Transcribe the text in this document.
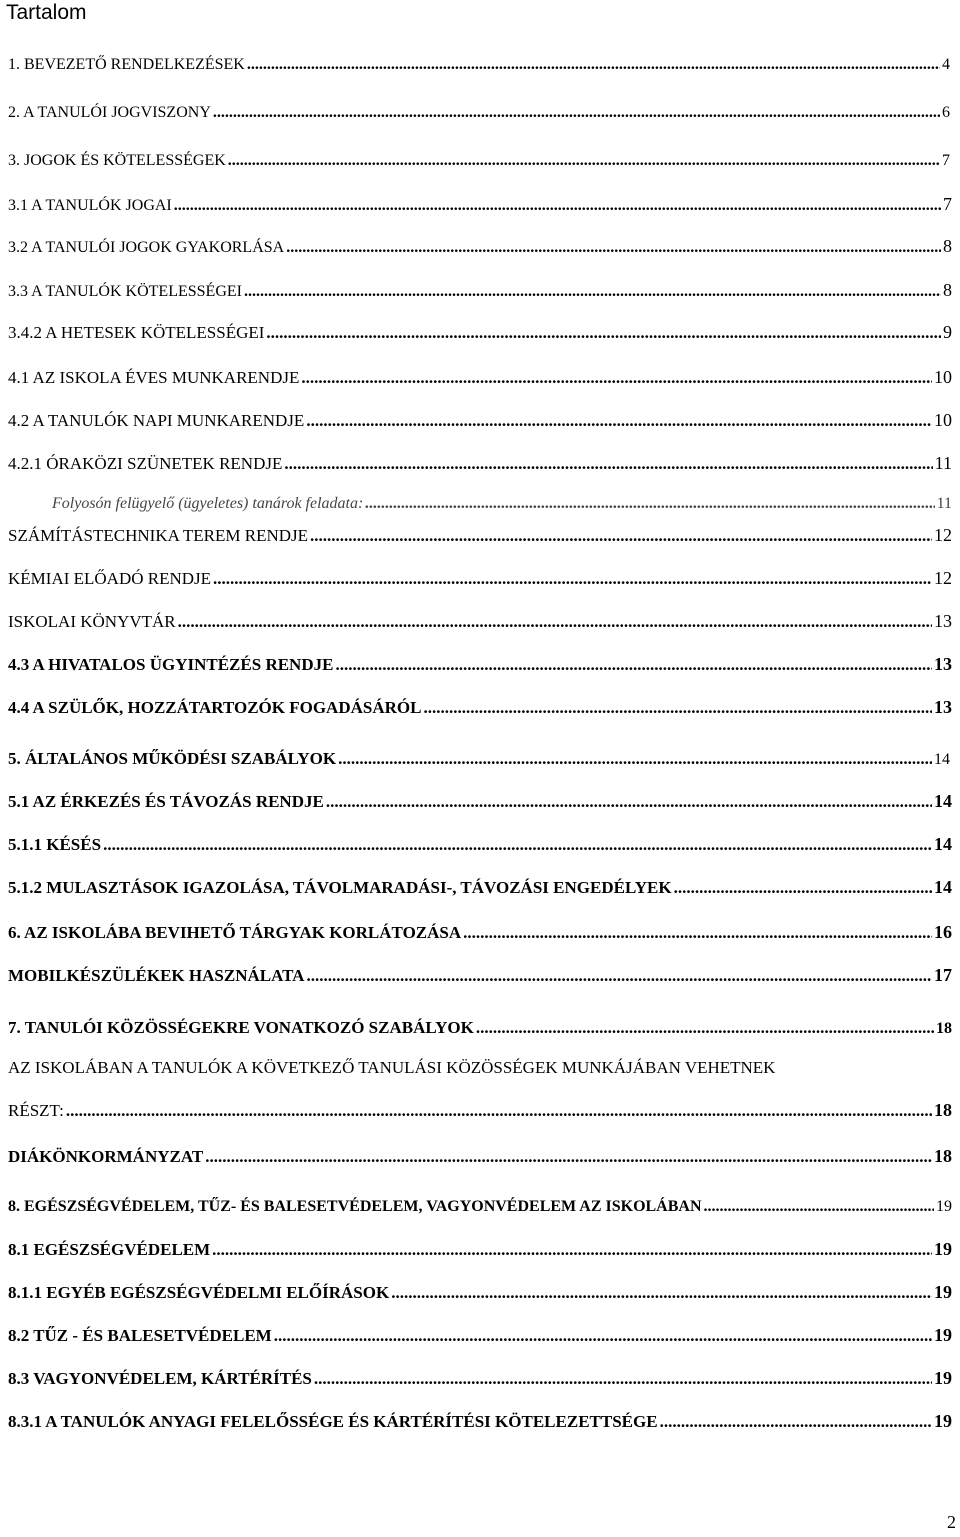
Tartalom
1. BEVEZETŐ RENDELKEZÉSEK .....	4
2. A TANULÓI JOGVISZONY .....	6
3. JOGOK ÉS KÖTELESSÉGEK .....	7
3.1 A TANULÓK JOGAI .....	7
3.2 A TANULÓI JOGOK GYAKORLÁSA .....	8
3.3 A TANULÓK KÖTELESSÉGEI .....	8
3.4.2 A HETESEK KÖTELESSÉGEI .....	9
4.1 AZ ISKOLA ÉVES MUNKARENDJE .....	10
4.2 A TANULÓK NAPI MUNKARENDJE .....	10
4.2.1 ÓRAKÖZI SZÜNETEK RENDJE .....	11
Folyosón felügyelő (ügyeletes) tanárok feladata: .....	11
SZÁMÍTÁSTECHNIKA TEREM RENDJE .....	12
KÉMIAI ELŐADÓ RENDJE .....	12
ISKOLAI KÖNYVTÁR .....	13
4.3 A HIVATALOS ÜGYINTÉZÉS RENDJE .....	13
4.4 A SZÜLŐK, HOZZÁTARTOZÓK FOGADÁSÁRÓL .....	13
5. ÁLTALÁNOS MŰKÖDÉSI SZABÁLYOK .....	14
5.1 AZ ÉRKEZÉS ÉS TÁVOZÁS RENDJE .....	14
5.1.1 KÉSÉS .....	14
5.1.2 MULASZTÁSOK IGAZOLÁSA, TÁVOLMARADÁSI-, TÁVOZÁSI ENGEDÉLYEK .....	14
6. AZ ISKOLÁBA BEVIHETŐ TÁRGYAK KORLÁTOZÁSA .....	16
MOBILKÉSZÜLÉKEK HASZNÁLATA .....	17
7. TANULÓI KÖZÖSSÉGEKRE VONATKOZÓ SZABÁLYOK .....	18
AZ ISKOLÁBAN A TANULÓK A KÖVETKEZŐ TANULÁSI KÖZÖSSÉGEK MUNKÁJÁBAN VEHETNEK
RÉSZT: .....	18
DIÁKÖNKORMÁNYZAT .....	18
8. EGÉSZSÉGVÉDELEM, TŰZ- ÉS BALESETVÉDELEM, VAGYONVÉDELEM AZ ISKOLÁBAN .....	19
8.1 EGÉSZSÉGVÉDELEM .....	19
8.1.1 EGYÉB EGÉSZSÉGVÉDELMI ELŐÍRÁSOK .....	19
8.2 TŰZ - ÉS BALESETVÉDELEM .....	19
8.3 VAGYONVÉDELEM, KÁRTÉRÍTÉS .....	19
8.3.1 A TANULÓK ANYAGI FELELŐSSÉGE ÉS KÁRTÉRÍTÉSI KÖTELEZETTSÉGE .....	19
2
